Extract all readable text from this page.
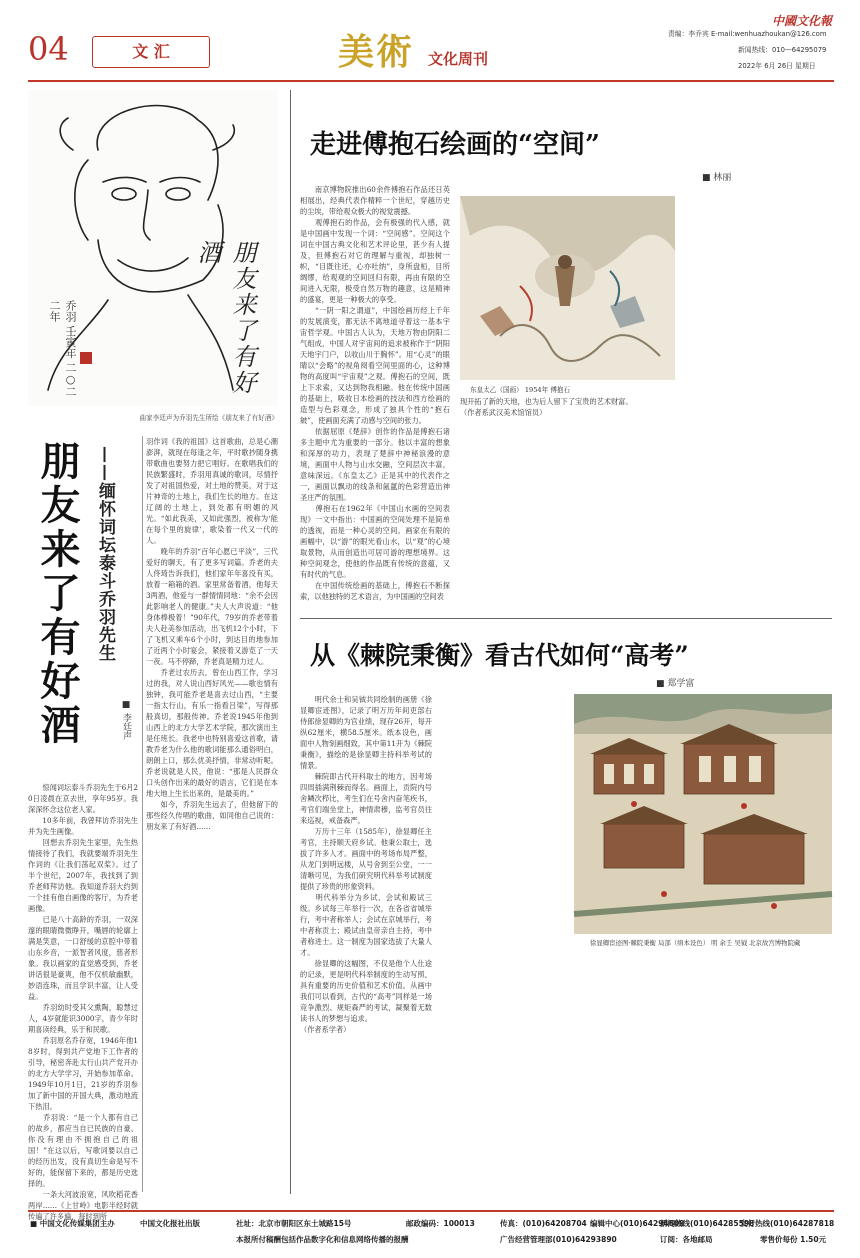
04	文 汇	美術 文化周刊
中國文化報
责编：李乔宾 E-mail:wenhuazhoukan@126.com
新闻热线：010—64295079
2022年 6月 26日 星期日
朋友来了有好酒
乔羽 壬寅年 二○二二年
曲家李廷声为乔羽先生所绘《朋友来了有好酒》
朋友来了有好酒 ——缅怀词坛泰斗乔羽先生
■ 李廷声
　　惊闻词坛泰斗乔羽先生于6月20日凌晨在京去世，享年95岁。我深深怀念这位老人家。
　　10多年前，我曾拜访乔羽先生并为先生画像。
　　回想去乔羽先生家里，先生热情接待了我们，我就要端乔羽先生作词的《让我们荡起双桨》。过了半个世纪，2007年，我找到了到乔老师拜访他。我知道乔羽大约到一个挂有他自画像的客厅，为乔老画像。
　　已是八十高龄的乔羽，一双深邃的眼睛微微睁开，嘴唇的轮廓上满是笑意，一口舒缓的京腔中带着山东乡音，一派智者风度，慈者形象。我以画家的直觉感受到，乔老讲话很是豪爽，他不仅机敏幽默，妙语连珠，而且学识丰富，让人受益。
　　乔羽幼时受其父熏陶，聪慧过人，4岁就能识3000字，青少年时期喜读经典，乐于和民歌。
　　乔羽原名乔存宽，1946年他18岁时，得到共产党地下工作者的引导，秘密奔赴太行山共产党开办的北方大学学习，开始参加革命。1949年10月1日，21岁的乔羽参加了新中国的开国大典，激动地流下热泪。
　　乔羽说：“是一个人都有自己的故乡，都应当自已民族的自豪。你没有理由不拥抱自己的祖国！”在这以后，写歌词要以自己的经历出发，没有真切生命是写不好的，能保留下来的，都是历史选择的。
　　一条大河波浪宽，风吹稻花香两岸……《上甘岭》电影半经时就传遍了许多遍，每时到所
羽作词《我的祖国》这首歌曲，总是心潮澎湃，就现在每逢之年，平时歌抄随身携带歌曲也要努力把它唱好。在歌唱我们的民族繁盛时，乔羽用真诚的歌词，尽情抒发了对祖国热爱，对土地的赞美，对于这片神奇的土地上，我们生长的地方。在这辽阔的土地上，到处都有明媚的风光。“如此我美，又如此强烈，被称为‘能在每个里的旋律’，歌染着一代又一代的人。
　　晚年的乔羽“百年心愿已平淡”，三代爱好的聊天，有了更多写词篇。乔老的夫人佟琦告诉我们，他们家年年喜没有买，放着一箱箱的酒。家里常备着酒，他每天3两酒，他爱与一群情情同地：“余不会因此影响老人的健康。”夫人大声说道：“他身体棒极着！”90年代，79岁的乔老带着夫人赴美参加活动，出飞机12个小时，下了飞机又乘车6个小时，到达目的地参加了近两个小时宴会，紧接着又游览了一天一夜。马不停蹄，乔老真是精力过人。
　　乔老过农历去，曾在山西工作，学习过的我，对人说山西好风光——歌也情有独钟，我可能乔老是喜去过山西，“主要一指太行山，有乐一指看吕梁”，写得那般真切，那般传神。乔老说1945年他到山西上的北方大学艺术学院，那次演出主是任班长。我老中也特别喜爱这首歌，请教乔老为什么他的歌词能那么通俗明白，朗朗上口，那么优美抒情，非常动听呢。乔老说就是人民，他说：“那是人民群众口头创作出来的最好的语言，它们是在本地大地上生长出来的，是最美的。”
　　如今，乔羽先生远去了，但他留下的那些经久传唱的歌曲，如同他自己说的：朋友来了有好酒……
走进傅抱石绘画的“空间”
■ 林丽
东皇太乙（国画） 1954年 傅抱石
　　南京博物院推出60余件傅抱石作品还日英相展出，经典代表作精粹一个世纪，穿越历史的尘埃，带给观众极大的视觉震撼。
　　观傅抱石的作品，会有极强的代入感，就是中国画中发现一个词：“空间感”。空间这个词在中国古典文化和艺术评论里，甚少有人提及，但傅抱石对它的理解与重视，却独树一帜，“目既往还，心亦吐纳”，身所盘桓，目所绸缪，给观观的空间回归有限，再由有限的空间进入无限，极受自然万物的趣意，这是精神的盛宴，更是一种极大的享受。
　　“一阴一阳之谓道”，中国绘画历经上千年的发展演变，都无法不离地道寻着这一基本宇宙哲学观。中国古人认为，天地万物由阴阳二气组成，中国人对宇宙间的追求被称作于“阴阳天地宇门户，以收山川于胸怀”。用“心灵”的眼睛以“会略”的视角阅看空间里面的心，这种博物的高度叫“宇宙观”之观。傅抱石的空间，既上下求索，又达到物我相融。他在传统中国画的基础上，吸收日本绘画的技法和西方绘画的造型与色彩观念，形成了独具个性的“抱石皴”，使画面充满了动感与空间的张力。
　　依据屈原《楚辞》创作的作品是傅抱石诸多主题中尤为重要的一部分。他以丰富的想象和深厚的功力，表现了楚辞中神秘浪漫的意境，画面中人物与山水交融，空间层次丰富，意味深远。《东皇太乙》正是其中的代表作之一，画面以飘动的线条和氤氲的色彩营造出神圣庄严的氛围。
　　傅抱石在1962年《中国山水画的空间表现》一文中指出：中国画的空间处理不是简单的透视，而是一种心灵的空间。画家在有限的画幅中，以“游”的眼光看山水，以“观”的心境取景物，从而创造出可居可游的理想境界。这种空间观念，使他的作品既有传统的意蕴，又有时代的气息。
　　在中国传统绘画的基础上，傅抱石不断探索，以他独特的艺术语言，为中国画的空间表
现开拓了新的天地，也为后人留下了宝贵的艺术财富。
（作者系武汉美术馆馆员）
从《棘院秉衡》看古代如何“高考”
■ 郑学富
徐显卿宦迹图·棘院秉衡 局部（绢本设色） 明 余壬 吴钺 北京故宫博物院藏
　　明代余士和吴钺共同绘制的画册《徐显卿宦迹图》，记录了明万历年间吏部右侍郎徐显卿的为官业绩，现存26开，每开纵62厘米，横58.5厘米。纸本设色，画面中人物刻画细致，其中第11开为《棘院秉衡》，描绘的是徐显卿主持科举考试的情景。
　　棘院即古代开科取士的地方，因考场四周插满荆棘而得名。画面上，贡院内号舍鳞次栉比，考生们在号舍内奋笔疾书，考官们端坐堂上，神情肃穆，监考官员往来巡视，戒备森严。
　　万历十三年（1585年），徐显卿任主考官，主持顺天府乡试。他秉公取士，选拔了许多人才。画面中的考场布局严整，从龙门到明远楼，从号舍到至公堂，一一清晰可见，为我们研究明代科举考试制度提供了珍贵的形象资料。
　　明代科举分为乡试、会试和殿试三级。乡试每三年举行一次，在各省省城举行，考中者称举人；会试在京城举行，考中者称贡士；殿试由皇帝亲自主持，考中者称进士。这一制度为国家选拔了大量人才。
　　徐显卿的这幅图，不仅是他个人仕途的记录，更是明代科举制度的生动写照，具有重要的历史价值和艺术价值。从画中我们可以看到，古代的“高考”同样是一场竞争激烈、规矩森严的考试，凝聚着无数读书人的梦想与追求。
（作者系学者）
■ 中国文化传媒集团主办	中国文化报社出版	社址：北京市朝阳区东土城路15号	邮政编码：100013	传真：(010)64208704 编辑中心(010)64294608	发行热线(010)64287818
本报所付稿酬包括作品数字化和信息网络传播的报酬	广告经营管理部(010)64293890	订阅：各地邮局	零售价每份 1.50元
新闻热线(010)64285598
